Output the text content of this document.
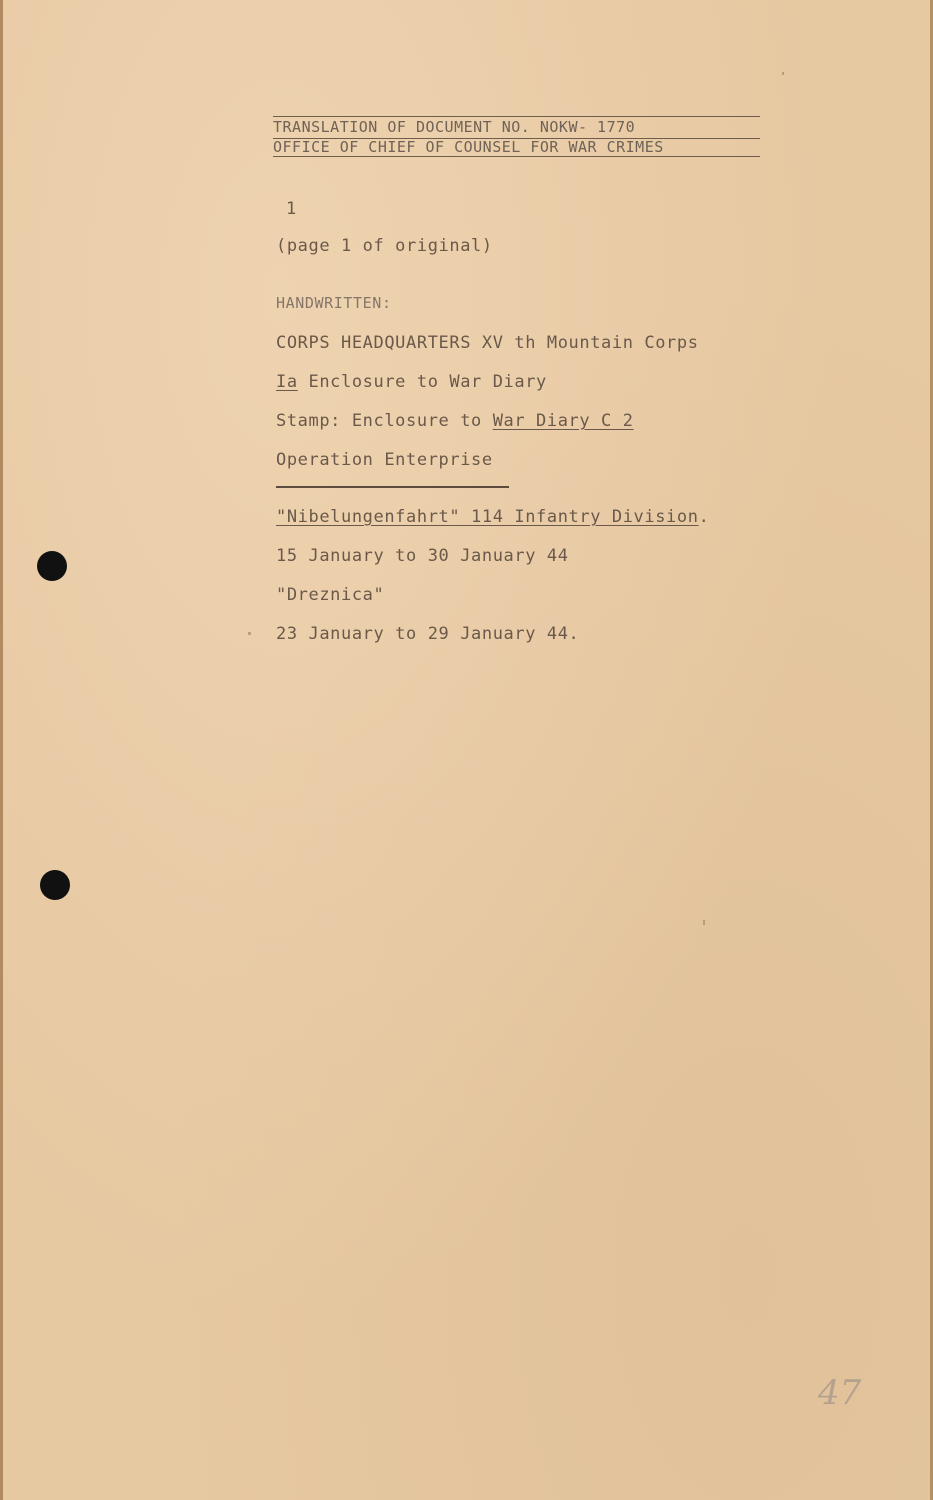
TRANSLATION OF DOCUMENT NO. NOKW- 1770
OFFICE OF CHIEF OF COUNSEL FOR WAR CRIMES
1
(page 1 of original)
HANDWRITTEN:
CORPS HEADQUARTERS XV th Mountain Corps
Ia Enclosure to War Diary
Stamp: Enclosure to War Diary C 2
Operation Enterprise
"Nibelungenfahrt" 114 Infantry Division.
15 January to 30 January 44
"Dreznica"
23 January to 29 January 44.
47
